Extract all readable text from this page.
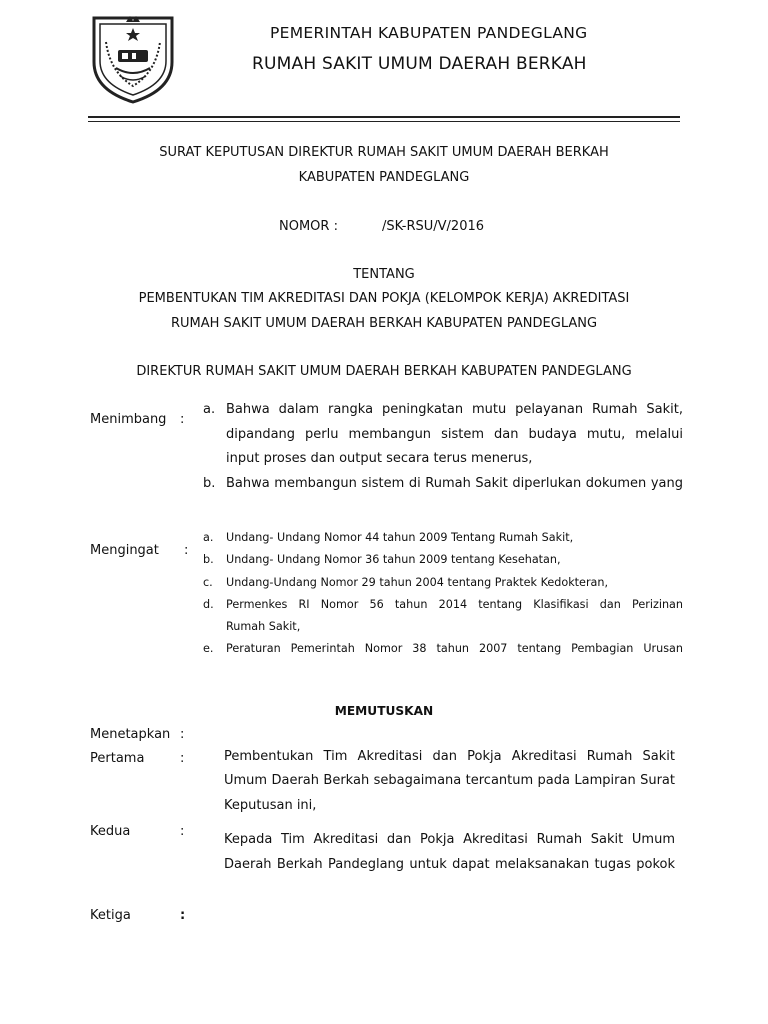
PEMERINTAH KABUPATEN PANDEGLANG
RUMAH SAKIT UMUM DAERAH BERKAH
SURAT KEPUTUSAN DIREKTUR RUMAH SAKIT UMUM DAERAH BERKAH
KABUPATEN PANDEGLANG
NOMOR :	/SK-RSU/V/2016
TENTANG
PEMBENTUKAN TIM AKREDITASI DAN POKJA (KELOMPOK KERJA) AKREDITASI
RUMAH SAKIT UMUM DAERAH BERKAH KABUPATEN PANDEGLANG
DIREKTUR RUMAH SAKIT UMUM DAERAH BERKAH KABUPATEN PANDEGLANG
Menimbang :
a. Bahwa dalam rangka peningkatan mutu pelayanan Rumah Sakit,
dipandang perlu membangun sistem dan budaya mutu, melalui
input proses dan output secara terus menerus,
b. Bahwa membangun sistem di Rumah Sakit diperlukan dokumen yang
Mengingat :
a. Undang- Undang Nomor 44 tahun 2009 Tentang Rumah Sakit,
b. Undang- Undang Nomor 36 tahun 2009 tentang Kesehatan,
c. Undang-Undang Nomor 29 tahun 2004 tentang Praktek Kedokteran,
d. Permenkes RI Nomor 56 tahun 2014 tentang Klasifikasi dan Perizinan
Rumah Sakit,
e. Peraturan Pemerintah Nomor 38 tahun 2007 tentang Pembagian Urusan
MEMUTUSKAN
Menetapkan :
Pertama	:	Pembentukan Tim Akreditasi dan Pokja Akreditasi Rumah Sakit
Umum Daerah Berkah sebagaimana tercantum pada Lampiran Surat
Keputusan ini,
Kedua	:
Kepada Tim Akreditasi dan Pokja Akreditasi Rumah Sakit Umum
Daerah Berkah Pandeglang untuk dapat melaksanakan tugas pokok
Ketiga	:
